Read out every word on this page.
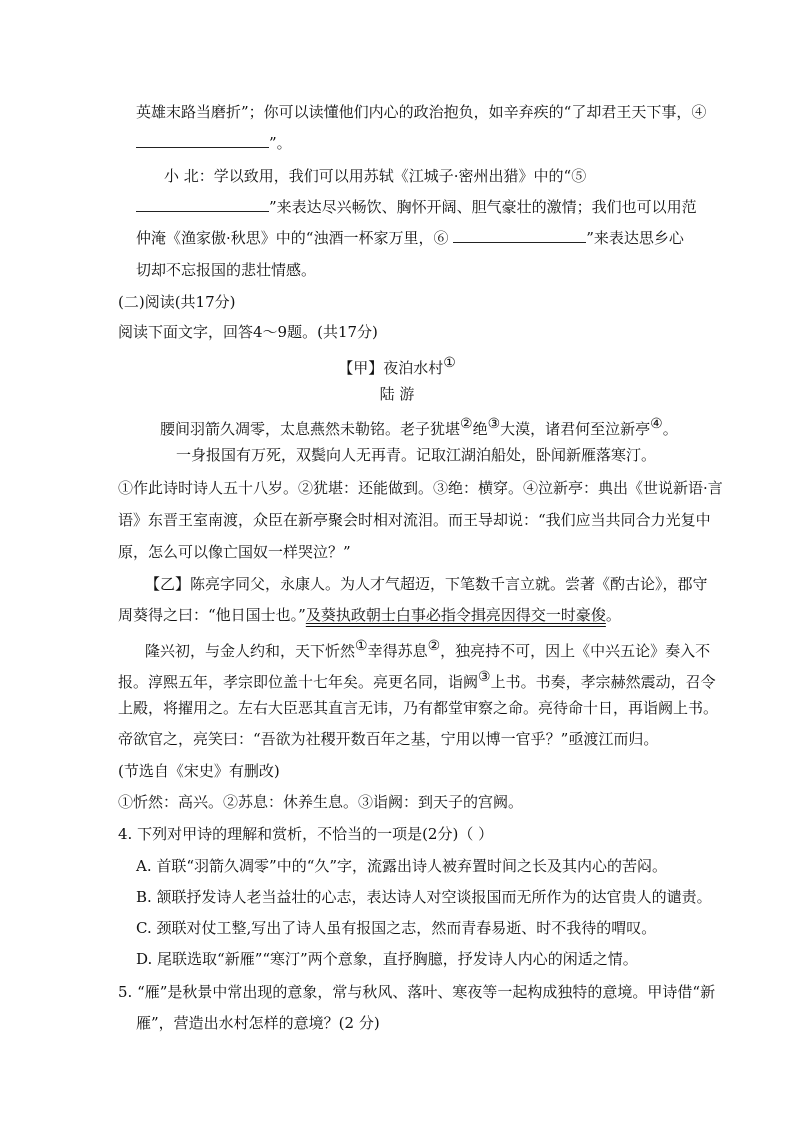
英雄末路当磨折”；你可以读懂他们内心的政治抱负，如辛弃疾的“了却君王天下事，④
”。
小 北：学以致用，我们可以用苏轼《江城子·密州出猎》中的“⑤
”来表达尽兴畅饮、胸怀开阔、胆气豪壮的激情；我们也可以用范
仲淹《渔家傲·秋思》中的“浊酒一杯家万里，⑥	”来表达思乡心
切却不忘报国的悲壮情感。
(二)阅读(共17分)
阅读下面文字，回答4～9题。(共17分)
【甲】夜泊水村①
陆 游
腰间羽箭久凋零，太息燕然未勒铭。老子犹堪②绝③大漠，诸君何至泣新亭④。
一身报国有万死，双鬓向人无再青。记取江湖泊船处，卧闻新雁落寒汀。
①作此诗时诗人五十八岁。②犹堪：还能做到。③绝：横穿。④泣新亭：典出《世说新语·言
语》东晋王室南渡，众臣在新亭聚会时相对流泪。而王导却说：“我们应当共同合力光复中
原，怎么可以像亡国奴一样哭泣？”
【乙】陈亮字同父，永康人。为人才气超迈，下笔数千言立就。尝著《酌古论》，郡守
周葵得之曰：“他日国士也。”及葵执政朝士白事必指令揖亮因得交一时豪俊。
隆兴初，与金人约和，天下忻然①幸得苏息②，独亮持不可，因上《中兴五论》奏入不
报。淳熙五年，孝宗即位盖十七年矣。亮更名同，诣阙③上书。书奏，孝宗赫然震动，召令
上殿，将擢用之。左右大臣恶其直言无讳，乃有都堂审察之命。亮待命十日，再诣阙上书。
帝欲官之，亮笑曰：“吾欲为社稷开数百年之基，宁用以博一官乎？”亟渡江而归。
(节选自《宋史》有删改)
①忻然：高兴。②苏息：休养生息。③诣阙：到天子的宫阙。
4. 下列对甲诗的理解和赏析，不恰当的一项是(2分)（ ）
A. 首联“羽箭久凋零”中的“久”字，流露出诗人被弃置时间之长及其内心的苦闷。
B. 颔联抒发诗人老当益壮的心志，表达诗人对空谈报国而无所作为的达官贵人的谴责。
C. 颈联对仗工整,写出了诗人虽有报国之志，然而青春易逝、时不我待的喟叹。
D. 尾联选取“新雁”“寒汀”两个意象，直抒胸臆，抒发诗人内心的闲适之情。
5. “雁”是秋景中常出现的意象，常与秋风、落叶、寒夜等一起构成独特的意境。甲诗借“新
雁”，营造出水村怎样的意境？(2 分)
